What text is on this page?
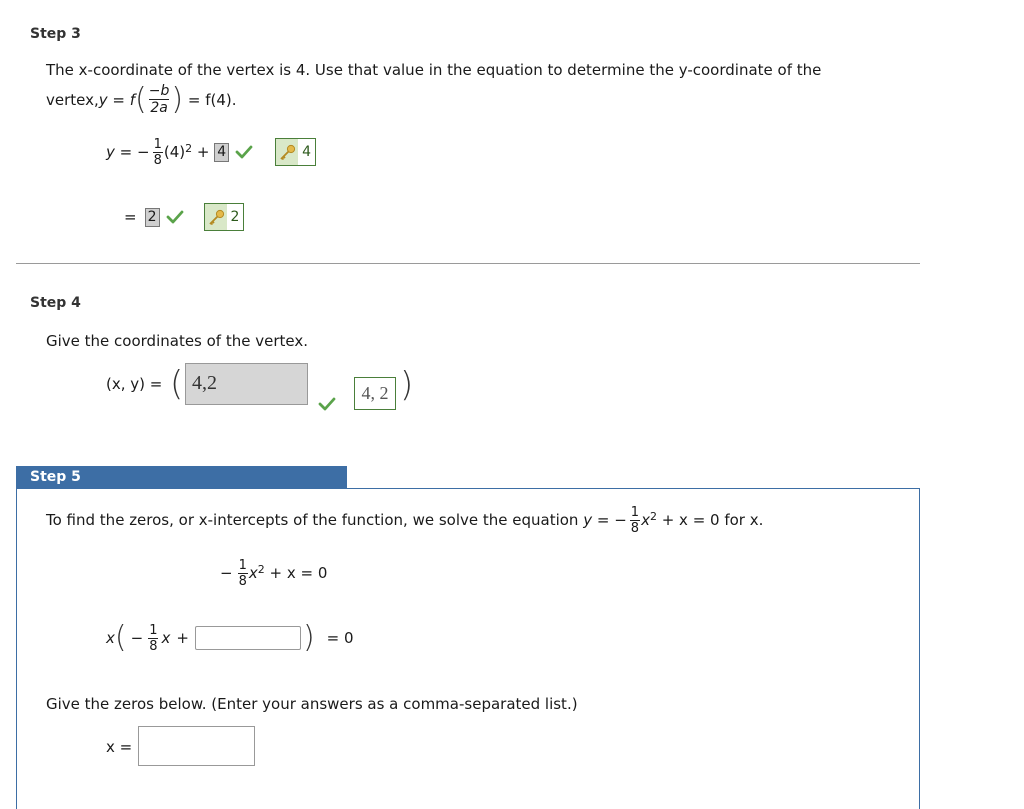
Step 3
The x-coordinate of the vertex is 4. Use that value in the equation to determine the y-coordinate of the
vertex, y = f ( $\frac{-b}{2a}$ ) = f(4).
y = − $\frac{1}{8} (4)^2 + 4$	4
= 2	2
Step 4
Give the coordinates of the vertex.
(x, y) = ( 4,2	4, 2 )
Step 5
To find the zeros, or x-intercepts of the function, we solve the equation y = − $\frac{1}{8} x^2 + x = 0$ for x.
− $\frac{1}{8} x^2 + x = 0$
x ( − $\frac{1}{8}$ x +	) = 0
Give the zeros below. (Enter your answers as a comma-separated list.)
x =
